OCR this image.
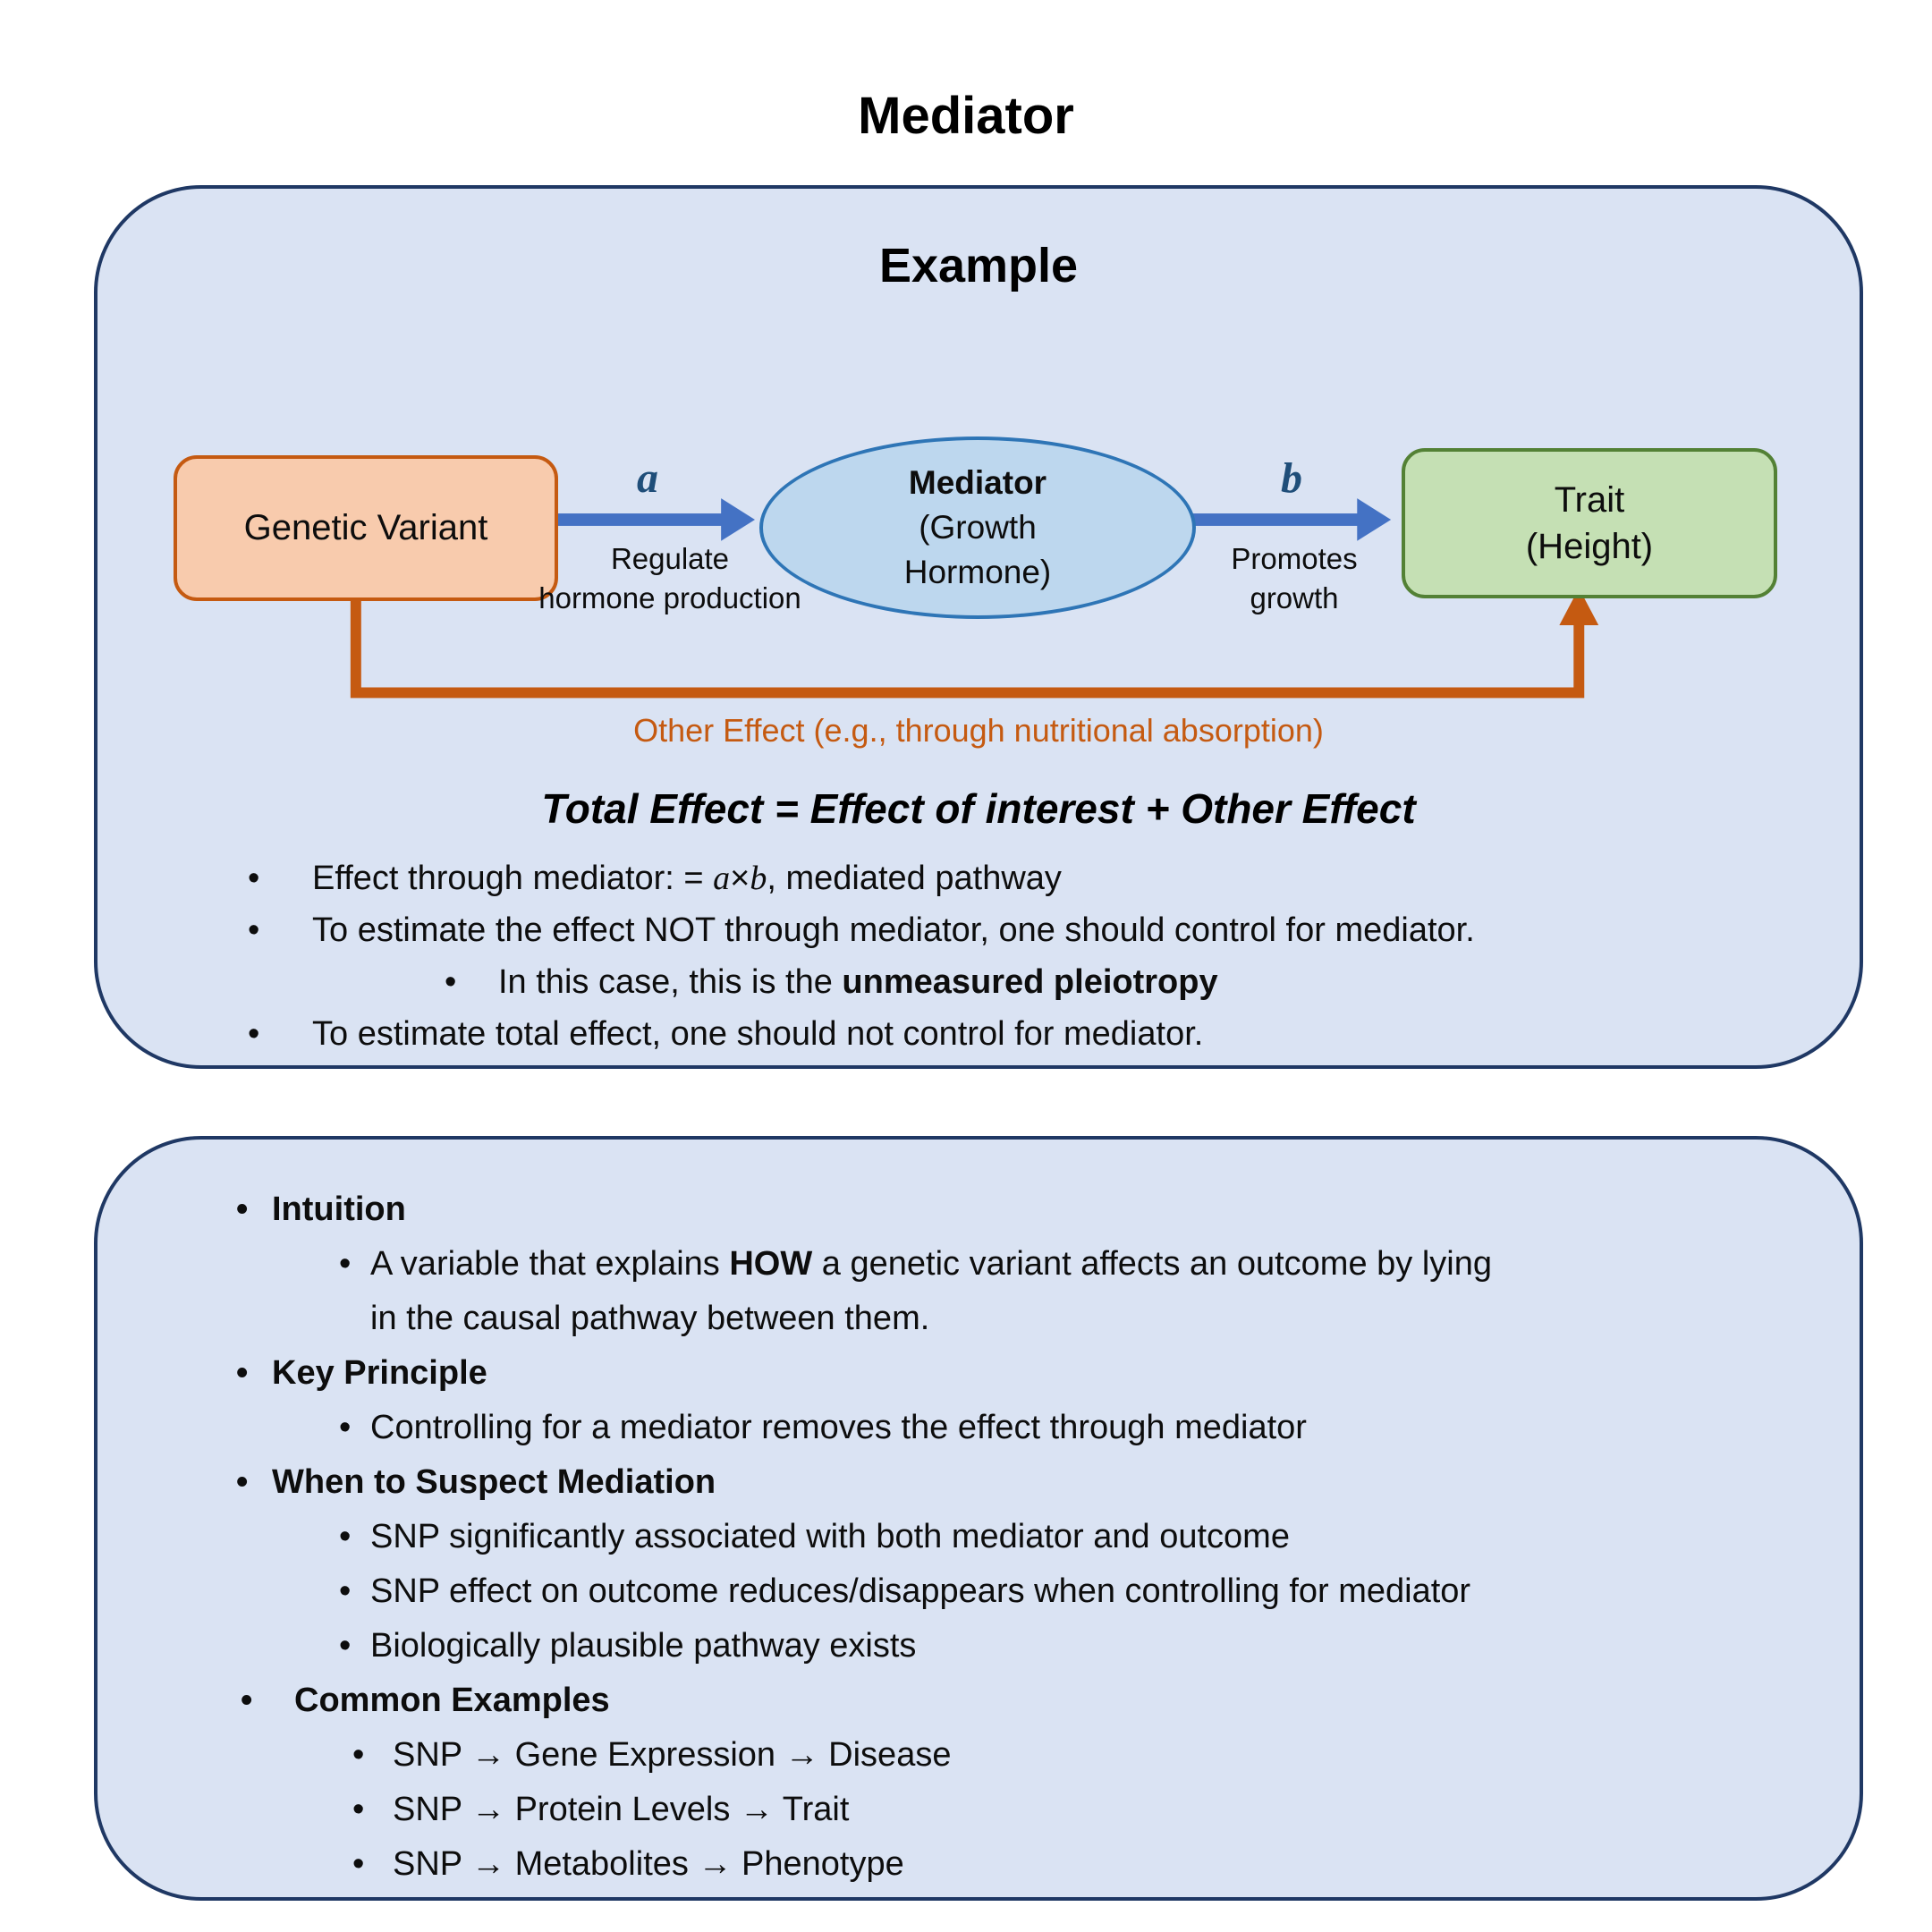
Mediator
Example
Genetic Variant
a
Regulate
hormone production
Mediator
(Growth
Hormone)
b
Promotes
growth
Trait
(Height)
Other Effect (e.g., through nutritional absorption)
Total Effect = Effect of interest + Other Effect
•	Effect through mediator: = a×b, mediated pathway
•	To estimate the effect NOT through mediator, one should control for mediator.
•	In this case, this is the unmeasured pleiotropy
•	To estimate total effect, one should not control for mediator.
• Intuition
• A variable that explains HOW a genetic variant affects an outcome by lying
in the causal pathway between them.
• Key Principle
• Controlling for a mediator removes the effect through mediator
• When to Suspect Mediation
• SNP significantly associated with both mediator and outcome
• SNP effect on outcome reduces/disappears when controlling for mediator
• Biologically plausible pathway exists
•	Common Examples
• SNP → Gene Expression → Disease
• SNP → Protein Levels → Trait
• SNP → Metabolites → Phenotype
